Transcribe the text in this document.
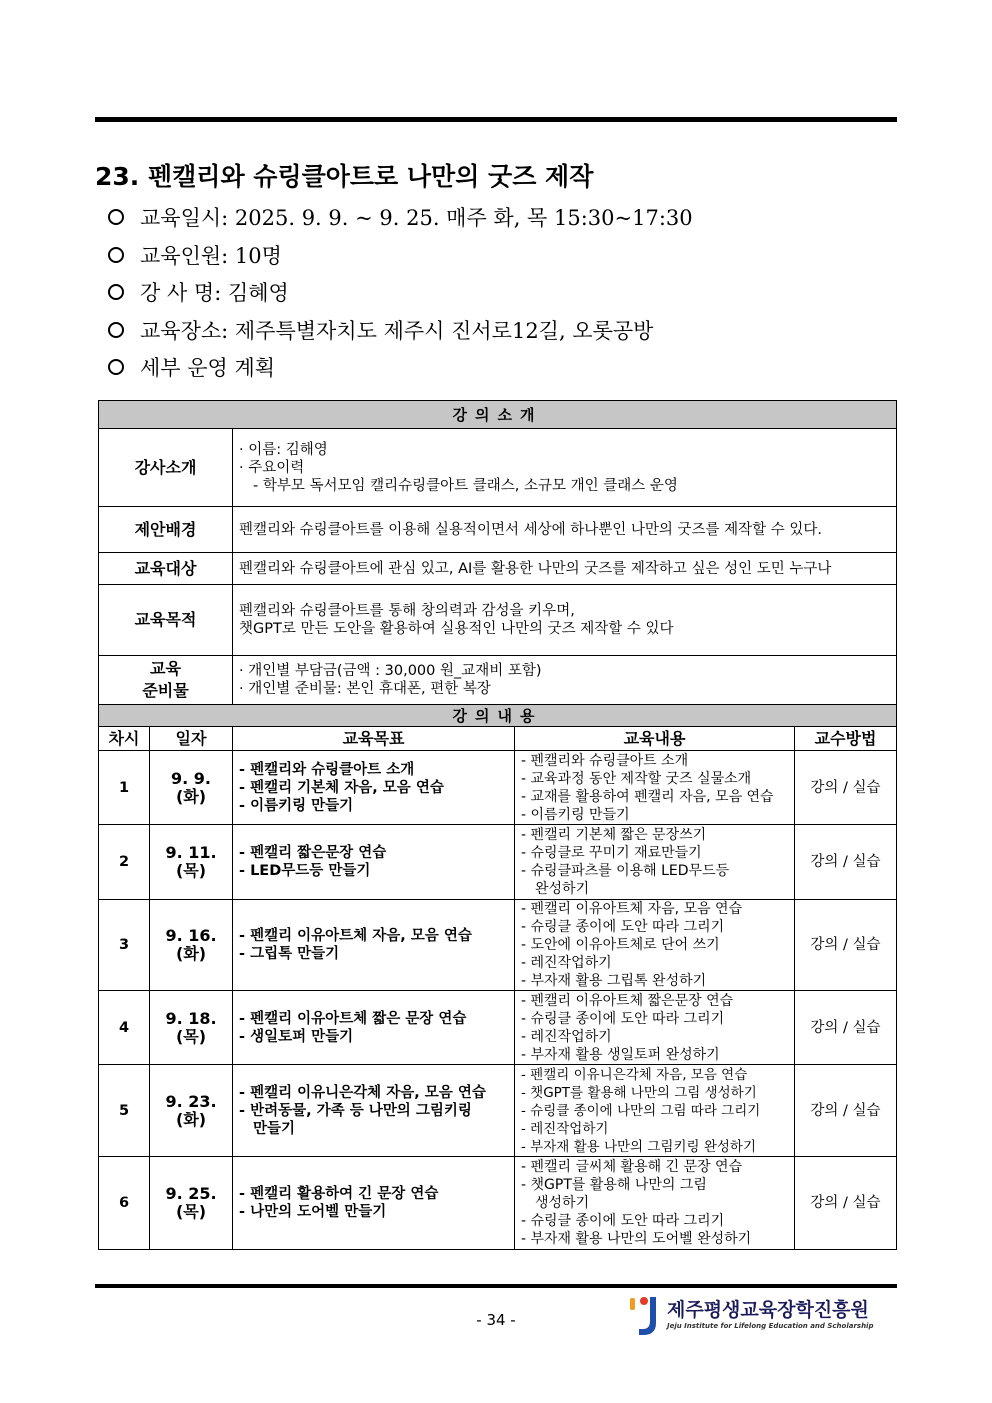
23. 펜캘리와 슈링클아트로 나만의 굿즈 제작
교육일시: 2025. 9. 9. ~ 9. 25. 매주 화, 목 15:30~17:30
교육인원: 10명
강 사 명: 김혜영
교육장소: 제주특별자치도 제주시 진서로12길, 오롯공방
세부 운영 계획
강의소개				
강사소개		· 이름: 김해영
· 주요이력
- 학부모 독서모임 캘리슈링클아트 클래스, 소규모 개인 클래스 운영		

제안배경		펜캘리와 슈링클아트를 이용해 실용적이면서 세상에 하나뿐인 나만의 굿즈를 제작할 수 있다.		
교육대상		펜캘리와 슈링클아트에 관심 있고, AI를 활용한 나만의 굿즈를 제작하고 싶은 성인 도민 누구나		
교육목적		펜캘리와 슈링클아트를 통해 창의력과 감성을 키우며,
챗GPT로 만든 도안을 활용하여 실용적인 나만의 굿즈 제작할 수 있다		

교육
준비물		· 개인별 부담금(금액 : 30,000 원_교재비 포함)
· 개인별 준비물: 본인 휴대폰, 편한 복장		

강의내용				
차시	일자	교육목표	교육내용	교수방법
1	9. 9.(화)	- 펜캘리와 슈링클아트 소개
- 펜캘리 기본체 자음, 모음 연습
- 이름키링 만들기	- 펜캘리와 슈링클아트 소개
- 교육과정 동안 제작할 굿즈 실물소개
- 교재를 활용하여 펜캘리 자음, 모음 연습
- 이름키링 만들기	강의 / 실습
2	9. 11.(목)	- 펜캘리 짧은문장 연습
- LED무드등 만들기	- 펜캘리 기본체 짧은 문장쓰기
- 슈링클로 꾸미기 재료만들기
- 슈링클파츠를 이용해 LED무드등
완성하기	강의 / 실습
3	9. 16.(화)	- 펜캘리 이유아트체 자음, 모음 연습
- 그립톡 만들기	- 펜캘리 이유아트체 자음, 모음 연습
- 슈링클 종이에 도안 따라 그리기
- 도안에 이유아트체로 단어 쓰기
- 레진작업하기
- 부자재 활용 그립톡 완성하기	강의 / 실습
4	9. 18.(목)	- 펜캘리 이유아트체 짧은 문장 연습
- 생일토퍼 만들기	- 펜캘리 이유아트체 짧은문장 연습
- 슈링클 종이에 도안 따라 그리기
- 레진작업하기
- 부자재 활용 생일토퍼 완성하기	강의 / 실습
5	9. 23.(화)	- 펜캘리 이유니은각체 자음, 모음 연습
- 반려동물, 가족 등 나만의 그림키링
만들기	- 펜캘리 이유니은각체 자음, 모음 연습
- 챗GPT를 활용해 나만의 그림 생성하기
- 슈링클 종이에 나만의 그림 따라 그리기
- 레진작업하기
- 부자재 활용 나만의 그림키링 완성하기	강의 / 실습
6	9. 25.(목)	- 펜캘리 활용하여 긴 문장 연습
- 나만의 도어벨 만들기	- 펜캘리 글씨체 활용해 긴 문장 연습
- 챗GPT를 활용해 나만의 그림
생성하기
- 슈링클 종이에 도안 따라 그리기
- 부자재 활용 나만의 도어벨 완성하기	강의 / 실습
- 34 -	제주평생교육장학진흥원
Jeju Institute for Lifelong Education and Scholarship
